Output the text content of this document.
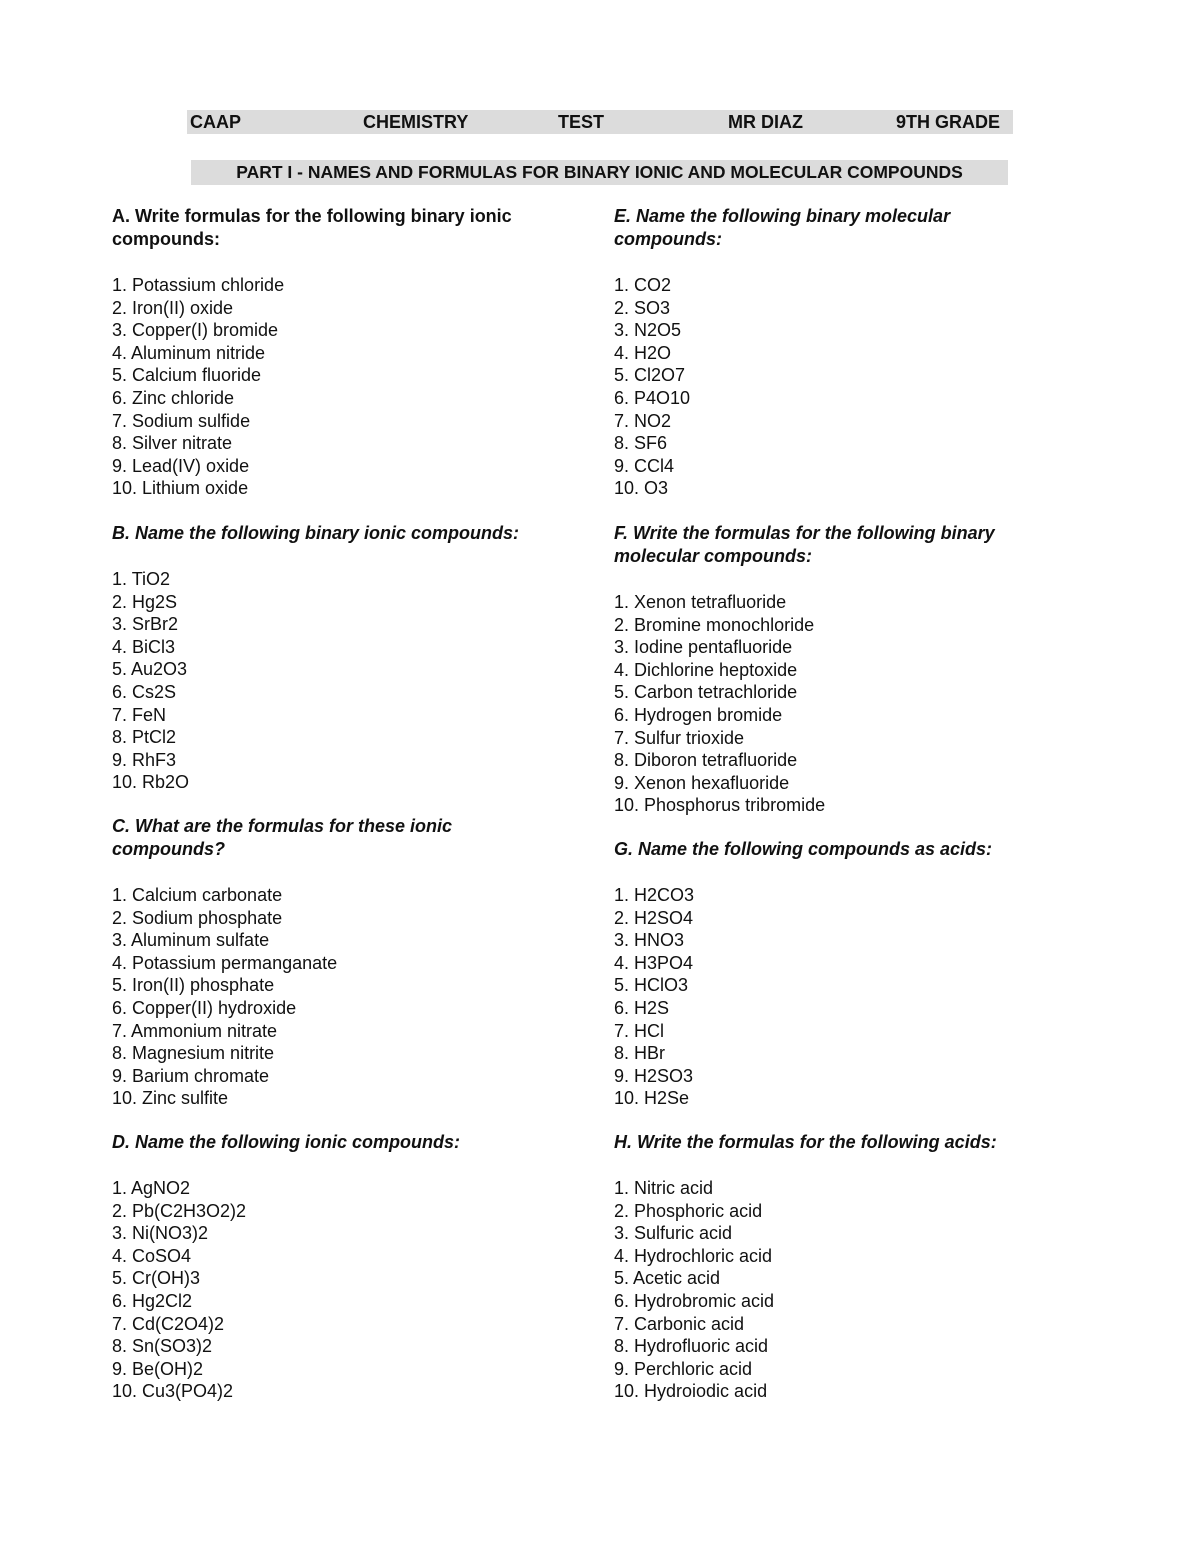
CAAP	CHEMISTRY	TEST	MR DIAZ	9TH GRADE
PART I - NAMES AND FORMULAS FOR BINARY IONIC AND MOLECULAR COMPOUNDS

A. Write formulas for the following binary ionic compounds:

1. Potassium chloride
2. Iron(II) oxide
3. Copper(I) bromide
4. Aluminum nitride
5. Calcium fluoride
6. Zinc chloride
7. Sodium sulfide
8. Silver nitrate
9. Lead(IV) oxide
10. Lithium oxide

B. Name the following binary ionic compounds:

1. TiO2
2. Hg2S
3. SrBr2
4. BiCl3
5. Au2O3
6. Cs2S
7. FeN
8. PtCl2
9. RhF3
10. Rb2O

C. What are the formulas for these ionic compounds?

1. Calcium carbonate
2. Sodium phosphate
3. Aluminum sulfate
4. Potassium permanganate
5. Iron(II) phosphate
6. Copper(II) hydroxide
7. Ammonium nitrate
8. Magnesium nitrite
9. Barium chromate
10. Zinc sulfite

D. Name the following ionic compounds:

1. AgNO2
2. Pb(C2H3O2)2
3. Ni(NO3)2
4. CoSO4
5. Cr(OH)3
6. Hg2Cl2
7. Cd(C2O4)2
8. Sn(SO3)2
9. Be(OH)2
10. Cu3(PO4)2

E. Name the following binary molecular compounds:

1. CO2
2. SO3
3. N2O5
4. H2O
5. Cl2O7
6. P4O10
7. NO2
8. SF6
9. CCl4
10. O3

F. Write the formulas for the following binary molecular compounds:

1. Xenon tetrafluoride
2. Bromine monochloride
3. Iodine pentafluoride
4. Dichlorine heptoxide
5. Carbon tetrachloride
6. Hydrogen bromide
7. Sulfur trioxide
8. Diboron tetrafluoride
9. Xenon hexafluoride
10. Phosphorus tribromide

G. Name the following compounds as acids:

1. H2CO3
2. H2SO4
3. HNO3
4. H3PO4
5. HClO3
6. H2S
7. HCl
8. HBr
9. H2SO3
10. H2Se

H. Write the formulas for the following acids:

1. Nitric acid
2. Phosphoric acid
3. Sulfuric acid
4. Hydrochloric acid
5. Acetic acid
6. Hydrobromic acid
7. Carbonic acid
8. Hydrofluoric acid
9. Perchloric acid
10. Hydroiodic acid
